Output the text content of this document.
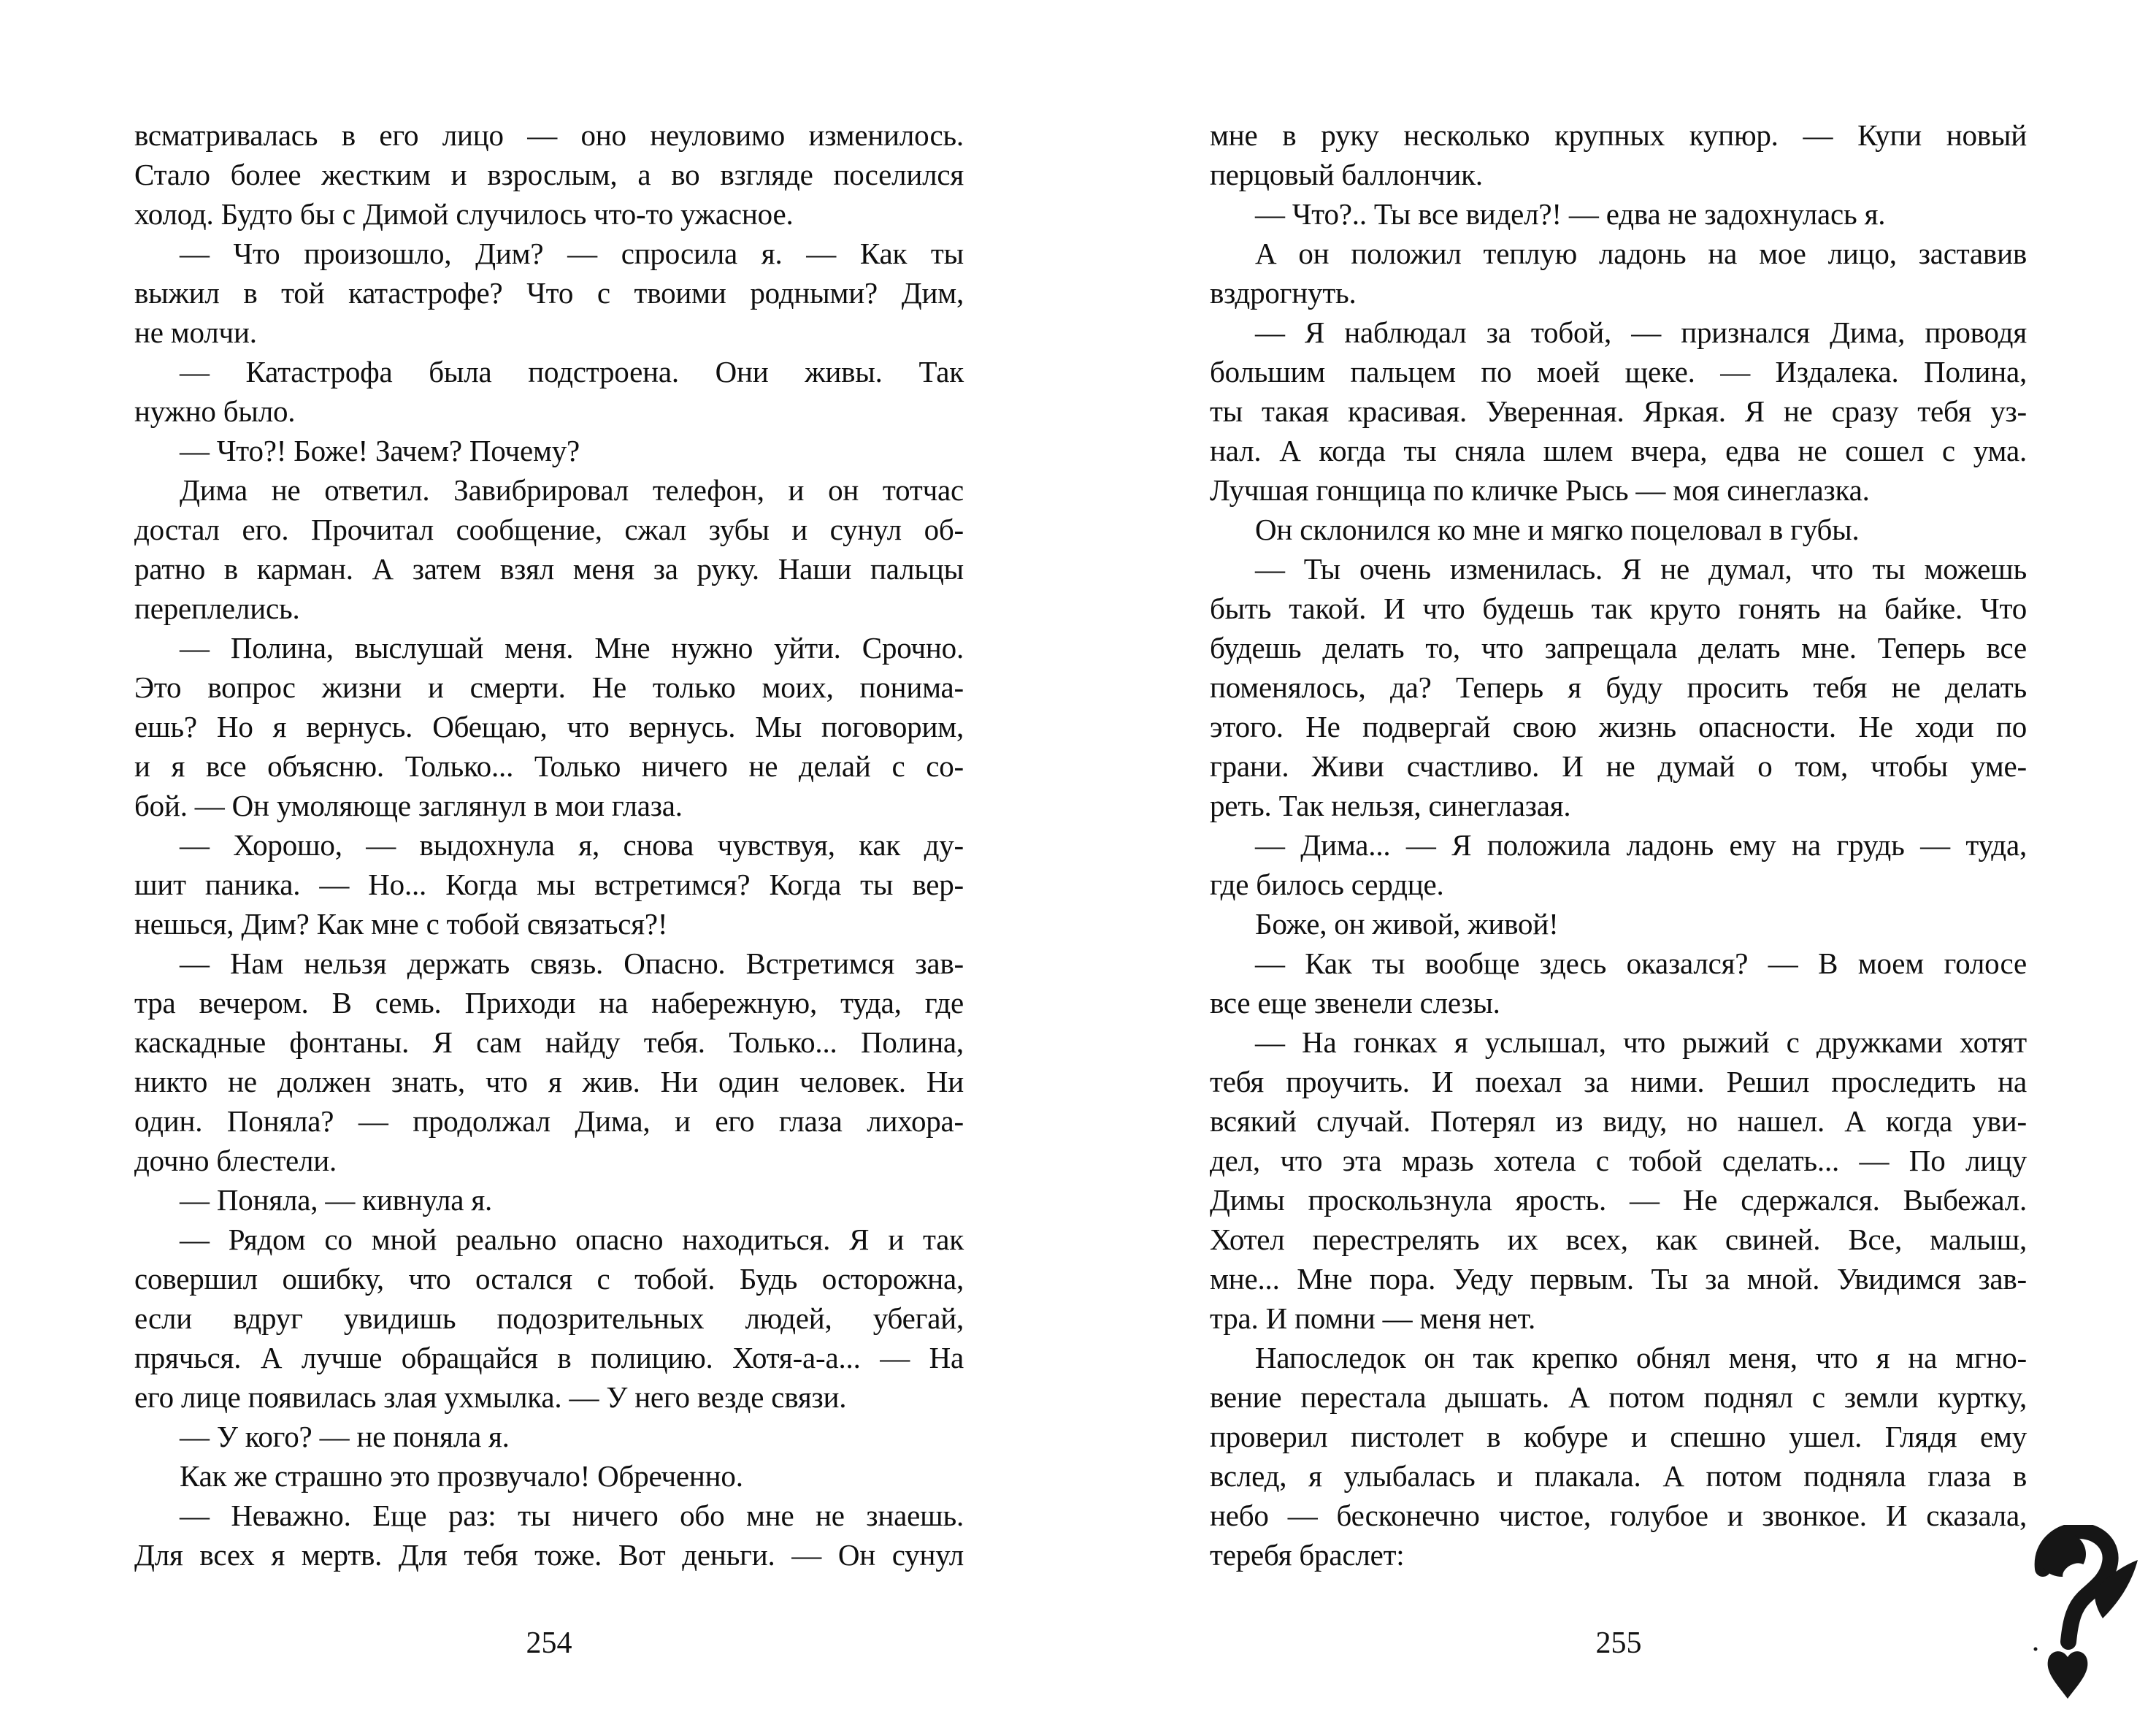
всматривалась в его лицо — оно неуловимо изменилось.
Стало более жестким и взрослым, а во взгляде поселился
холод. Будто бы с Димой случилось что-то ужасное.
— Что произошло, Дим? — спросила я. — Как ты
выжил в той катастрофе? Что с твоими родными? Дим,
не молчи.
— Катастрофа была подстроена. Они живы. Так
нужно было.
— Что?! Боже! Зачем? Почему?
Дима не ответил. Завибрировал телефон, и он тотчас
достал его. Прочитал сообщение, сжал зубы и сунул об-
ратно в карман. А затем взял меня за руку. Наши пальцы
переплелись.
— Полина, выслушай меня. Мне нужно уйти. Срочно.
Это вопрос жизни и смерти. Не только моих, понима-
ешь? Но я вернусь. Обещаю, что вернусь. Мы поговорим,
и я все объясню. Только... Только ничего не делай с со-
бой. — Он умоляюще заглянул в мои глаза.
— Хорошо, — выдохнула я, снова чувствуя, как ду-
шит паника. — Но... Когда мы встретимся? Когда ты вер-
нешься, Дим? Как мне с тобой связаться?!
— Нам нельзя держать связь. Опасно. Встретимся зав-
тра вечером. В семь. Приходи на набережную, туда, где
каскадные фонтаны. Я сам найду тебя. Только... Полина,
никто не должен знать, что я жив. Ни один человек. Ни
один. Поняла? — продолжал Дима, и его глаза лихора-
дочно блестели.
— Поняла, — кивнула я.
— Рядом со мной реально опасно находиться. Я и так
совершил ошибку, что остался с тобой. Будь осторожна,
если вдруг увидишь подозрительных людей, убегай,
прячься. А лучше обращайся в полицию. Хотя-а-а... — На
его лице появилась злая ухмылка. — У него везде связи.
— У кого? — не поняла я.
Как же страшно это прозвучало! Обреченно.
— Неважно. Еще раз: ты ничего обо мне не знаешь.
Для всех я мертв. Для тебя тоже. Вот деньги. — Он сунул
мне в руку несколько крупных купюр. — Купи новый
перцовый баллончик.
— Что?.. Ты все видел?! — едва не задохнулась я.
А он положил теплую ладонь на мое лицо, заставив
вздрогнуть.
— Я наблюдал за тобой, — признался Дима, проводя
большим пальцем по моей щеке. — Издалека. Полина,
ты такая красивая. Уверенная. Яркая. Я не сразу тебя уз-
нал. А когда ты сняла шлем вчера, едва не сошел с ума.
Лучшая гонщица по кличке Рысь — моя синеглазка.
Он склонился ко мне и мягко поцеловал в губы.
— Ты очень изменилась. Я не думал, что ты можешь
быть такой. И что будешь так круто гонять на байке. Что
будешь делать то, что запрещала делать мне. Теперь все
поменялось, да? Теперь я буду просить тебя не делать
этого. Не подвергай свою жизнь опасности. Не ходи по
грани. Живи счастливо. И не думай о том, чтобы уме-
реть. Так нельзя, синеглазая.
— Дима... — Я положила ладонь ему на грудь — туда,
где билось сердце.
Боже, он живой, живой!
— Как ты вообще здесь оказался? — В моем голосе
все еще звенели слезы.
— На гонках я услышал, что рыжий с дружками хотят
тебя проучить. И поехал за ними. Решил проследить на
всякий случай. Потерял из виду, но нашел. А когда уви-
дел, что эта мразь хотела с тобой сделать... — По лицу
Димы проскользнула ярость. — Не сдержался. Выбежал.
Хотел перестрелять их всех, как свиней. Все, малыш,
мне... Мне пора. Уеду первым. Ты за мной. Увидимся зав-
тра. И помни — меня нет.
Напоследок он так крепко обнял меня, что я на мгно-
вение перестала дышать. А потом поднял с земли куртку,
проверил пистолет в кобуре и спешно ушел. Глядя ему
вслед, я улыбалась и плакала. А потом подняла глаза в
небо — бесконечно чистое, голубое и звонкое. И сказала,
теребя браслет:
254	255
